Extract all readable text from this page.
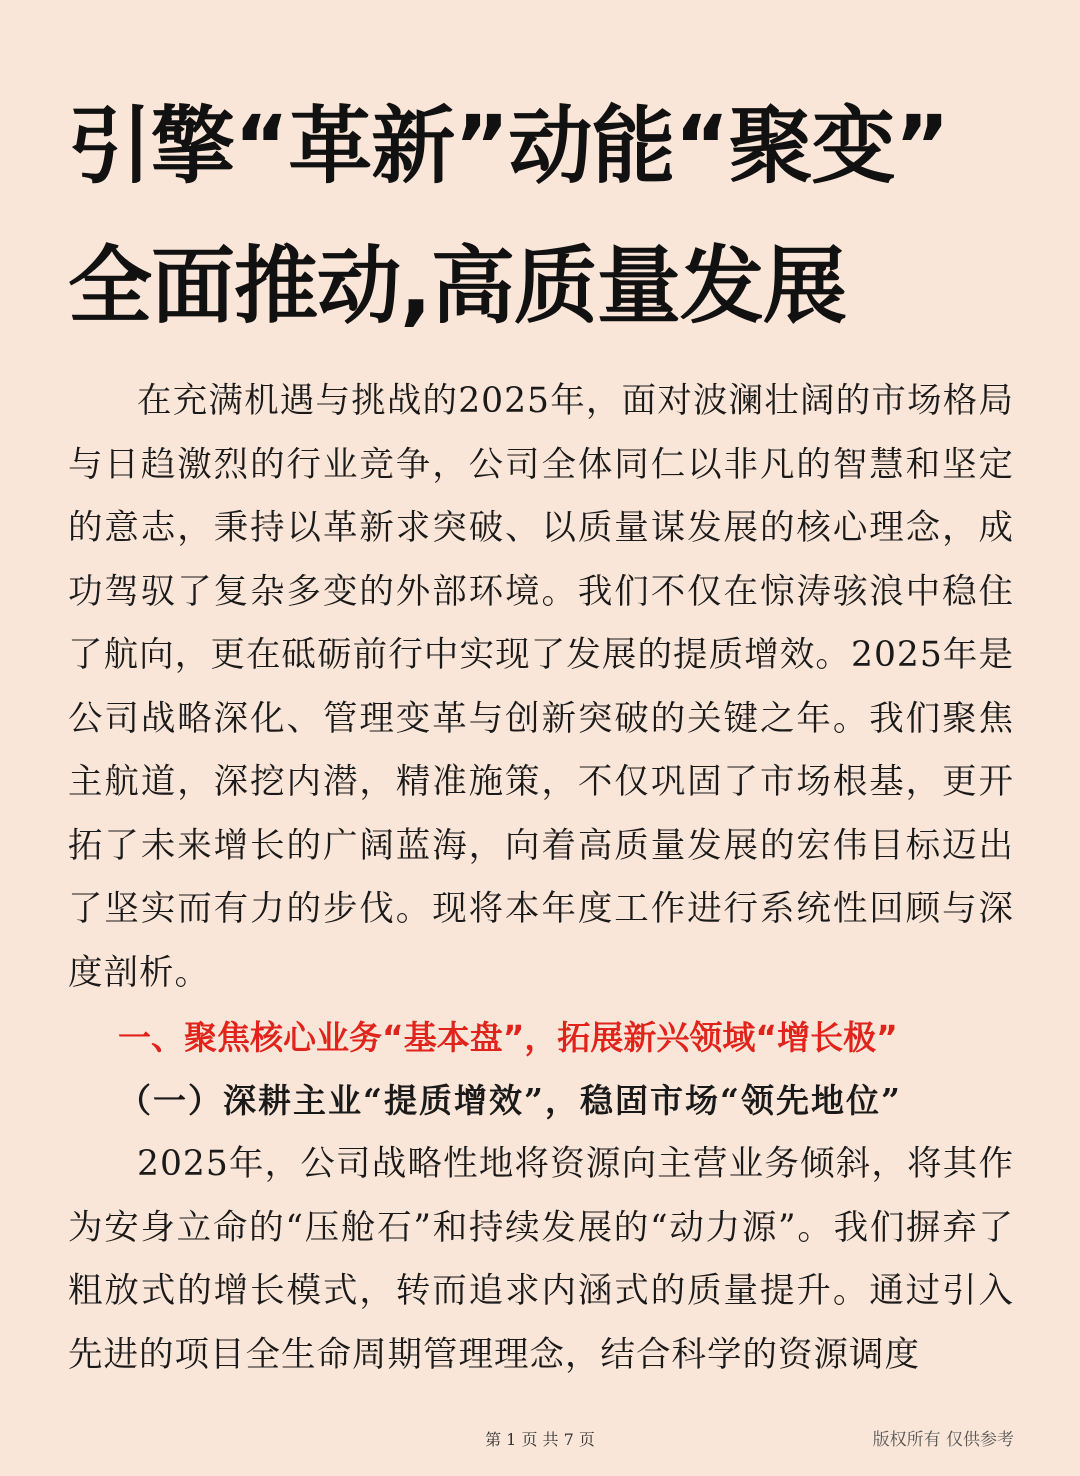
引擎“革新”动能“聚变”
全面推动,高质量发展

在充满机遇与挑战的2025年，面对波澜壮阔的市场格局与日趋激烈的行业竞争，公司全体同仁以非凡的智慧和坚定的意志，秉持以革新求突破、以质量谋发展的核心理念，成功驾驭了复杂多变的外部环境。我们不仅在惊涛骇浪中稳住了航向，更在砥砺前行中实现了发展的提质增效。2025年是公司战略深化、管理变革与创新突破的关键之年。我们聚焦主航道，深挖内潜，精准施策，不仅巩固了市场根基，更开拓了未来增长的广阔蓝海，向着高质量发展的宏伟目标迈出了坚实而有力的步伐。现将本年度工作进行系统性回顾与深度剖析。

一、聚焦核心业务“基本盘”，拓展新兴领域“增长极”
（一）深耕主业“提质增效”，稳固市场“领先地位”

2025年，公司战略性地将资源向主营业务倾斜，将其作为安身立命的“压舱石”和持续发展的“动力源”。我们摒弃了粗放式的增长模式，转而追求内涵式的质量提升。通过引入先进的项目全生命周期管理理念，结合科学的资源调度

第 1 页 共 7 页	版权所有 仅供参考
